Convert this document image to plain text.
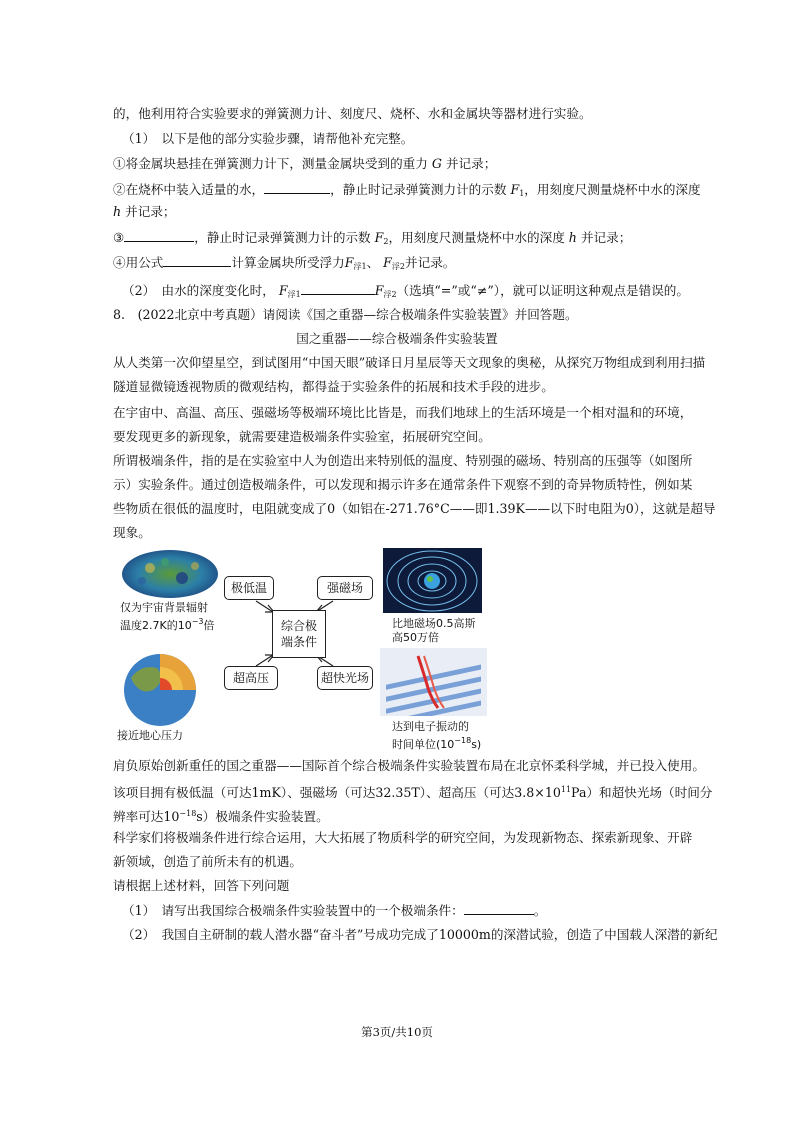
的，他利用符合实验要求的弹簧测力计、刻度尺、烧杯、水和金属块等器材进行实验。
（1）　以下是他的部分实验步骤，请帮他补充完整。
①将金属块悬挂在弹簧测力计下，测量金属块受到的重力 G 并记录；
②在烧杯中装入适量的水，	，静止时记录弹簧测力计的示数 $F_1$，用刻度尺测量烧杯中水的深度
h 并记录；
③	，静止时记录弹簧测力计的示数 $F_2$，用刻度尺测量烧杯中水的深度 h 并记录；
④用公式	计算金属块所受浮力$F_{浮1}$、 $F_{浮2}$并记录。
（2）　由水的深度变化时， $F_{浮1}$	$F_{浮2}$（选填“=”或“≠”），就可以证明这种观点是错误的。
8.　(2022北京中考真题）请阅读《国之重器—综合极端条件实验装置》并回答题。
国之重器——综合极端条件实验装置
从人类第一次仰望星空，到试图用“中国天眼”破译日月星辰等天文现象的奥秘，从探究万物组成到利用扫描
隧道显微镜透视物质的微观结构，都得益于实验条件的拓展和技术手段的进步。
在宇宙中、高温、高压、强磁场等极端环境比比皆是，而我们地球上的生活环境是一个相对温和的环境，
要发现更多的新现象，就需要建造极端条件实验室，拓展研究空间。
所谓极端条件，指的是在实验室中人为创造出来特别低的温度、特别强的磁场、特别高的压强等（如图所
示）实验条件。通过创造极端条件，可以发现和揭示许多在通常条件下观察不到的奇异物质特性，例如某
些物质在很低的温度时，电阻就变成了0（如铝在-271.76°C——即1.39K——以下时电阻为0），这就是超导
现象。
仅为宇宙背景辐射
温度2.7K的$10^{-3}$倍	比地磁场0.5高斯
高50万倍
接近地心压力
达到电子振动的
时间单位$(10^{-18}s)$
极低温	强磁场
综合极
端条件
超高压	超快光场
肩负原始创新重任的国之重器——国际首个综合极端条件实验装置布局在北京怀柔科学城，并已投入使用。
该项目拥有极低温（可达1mK）、强磁场（可达32.35T）、超高压（可达$3.8\times 10^{11}Pa$）和超快光场（时间分
辨率可达$10^{-18}s$）极端条件实验装置。
科学家们将极端条件进行综合运用，大大拓展了物质科学的研究空间，为发现新物态、探索新现象、开辟
新领域，创造了前所未有的机遇。
请根据上述材料，回答下列问题
（1）　请写出我国综合极端条件实验装置中的一个极端条件：	。
（2）　我国自主研制的载人潜水器“奋斗者”号成功完成了10000m的深潜试验，创造了中国载人深潜的新纪
第3页/共10页
